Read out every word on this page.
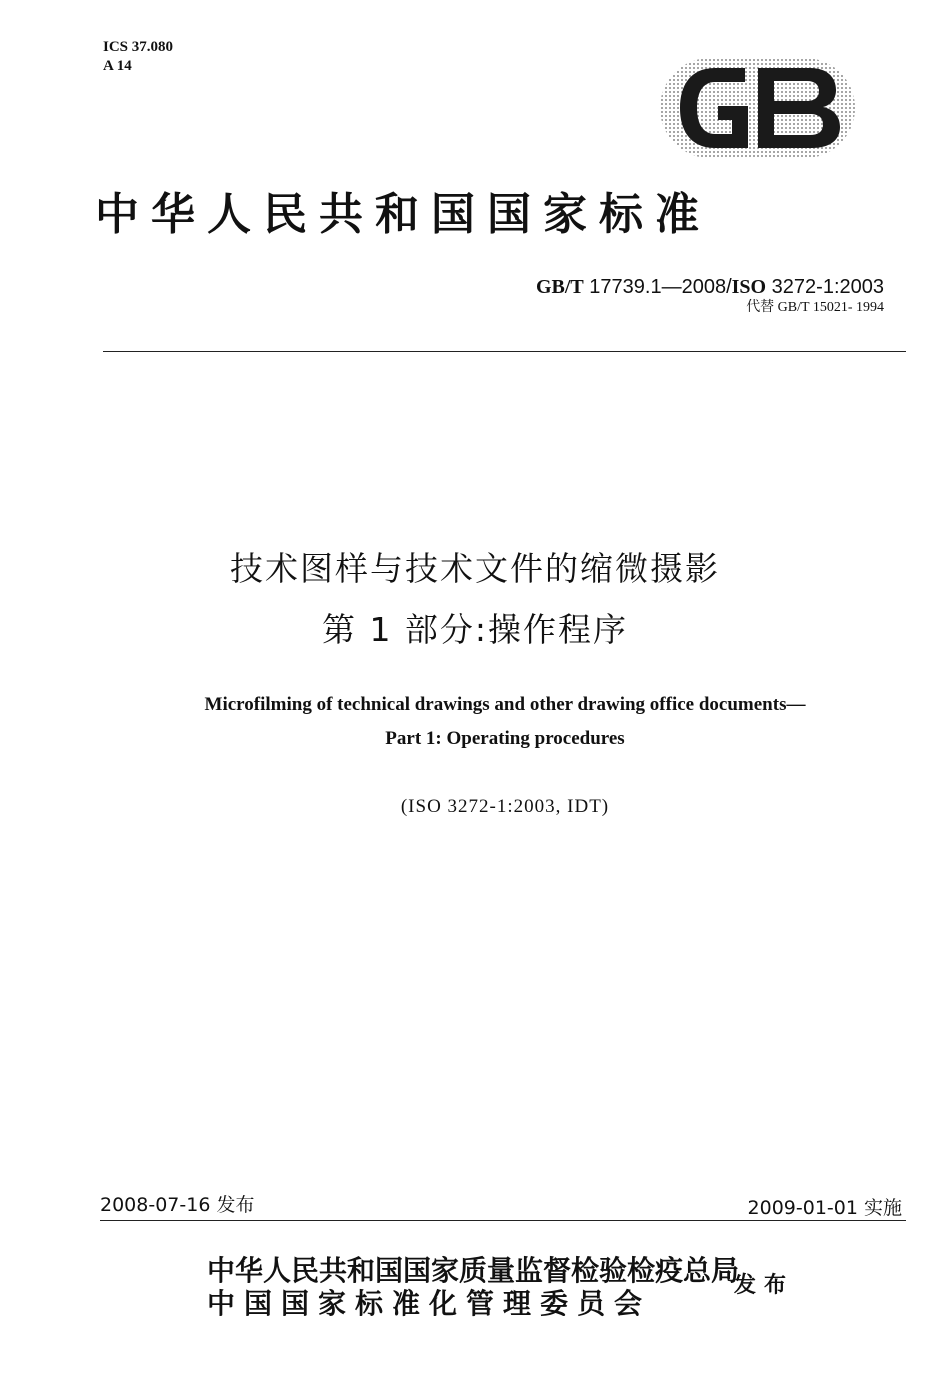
ICS 37.080
A 14
中华人民共和国国家标准
GB/T 17739.1—2008/ISO 3272-1:2003
代替 GB/T 15021- 1994
技术图样与技术文件的缩微摄影
第 1 部分:操作程序
Microfilming of technical drawings and other drawing office documents—
Part 1: Operating procedures
(ISO 3272-1:2003, IDT)
2008-07-16 发布	2009-01-01 实施
中华人民共和国国家质量监督检验检疫总局
中国国家标准化管理委员会
发布
